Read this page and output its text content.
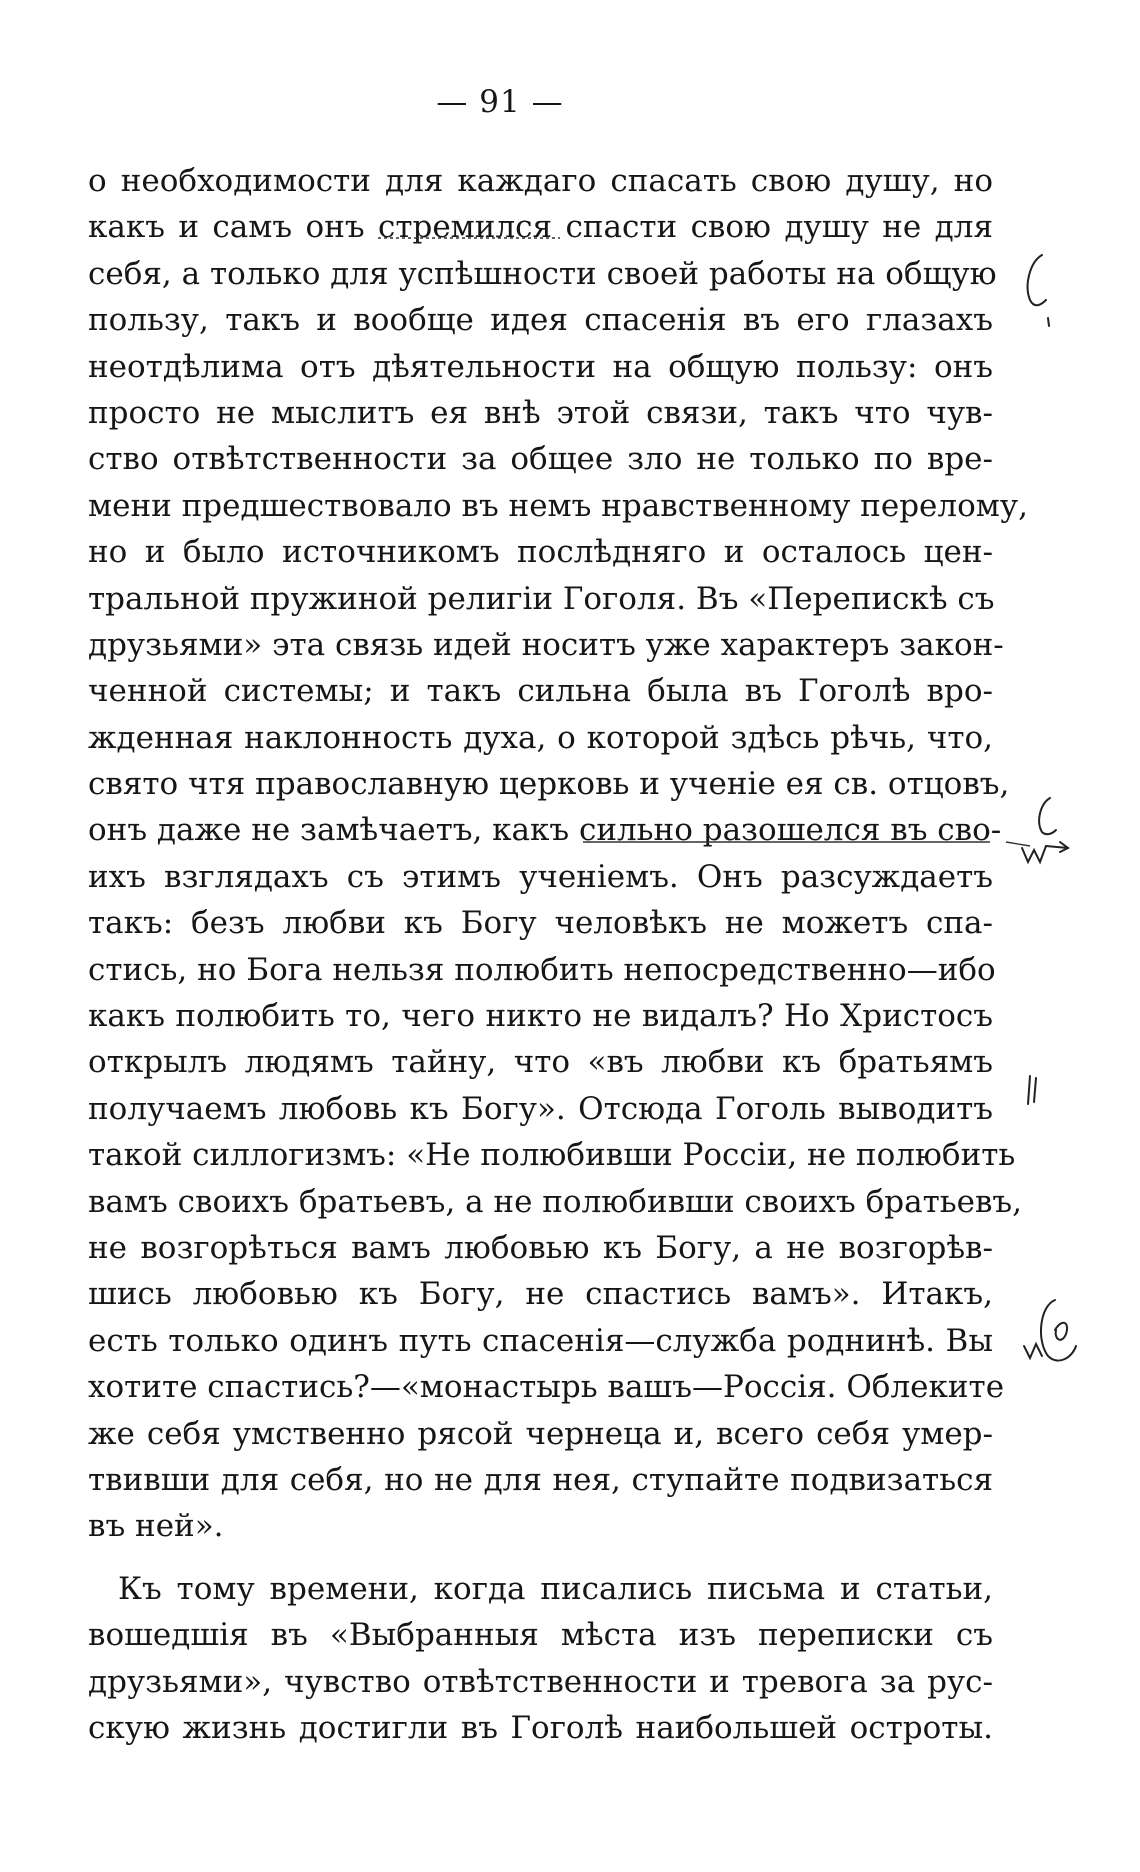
— 91 —
о необходимости для каждаго спасать свою душу, но
какъ и самъ онъ стремился спасти свою душу не для
себя, а только для успѣшности своей работы на общую
пользу, такъ и вообще идея спасенія въ его глазахъ
неотдѣлима отъ дѣятельности на общую пользу: онъ
просто не мыслитъ ея внѣ этой связи, такъ что чув-
ство отвѣтственности за общее зло не только по вре-
мени предшествовало въ немъ нравственному перелому,
но и было источникомъ послѣдняго и осталось цен-
тральной пружиной религіи Гоголя. Въ «Перепискѣ съ
друзьями» эта связь идей носитъ уже характеръ закон-
ченной системы; и такъ сильна была въ Гоголѣ вро-
жденная наклонность духа, о которой здѣсь рѣчь, что,
свято чтя православную церковь и ученіе ея св. отцовъ,
онъ даже не замѣчаетъ, какъ сильно разошелся въ сво-
ихъ взглядахъ съ этимъ ученіемъ. Онъ разсуждаетъ
такъ: безъ любви къ Богу человѣкъ не можетъ спа-
стись, но Бога нельзя полюбить непосредственно—ибо
какъ полюбить то, чего никто не видалъ? Но Христосъ
открылъ людямъ тайну, что «въ любви къ братьямъ
получаемъ любовь къ Богу». Отсюда Гоголь выводитъ
такой силлогизмъ: «Не полюбивши Россіи, не полюбить
вамъ своихъ братьевъ, а не полюбивши своихъ братьевъ,
не возгорѣться вамъ любовью къ Богу, а не возгорѣв-
шись любовью къ Богу, не спастись вамъ». Итакъ,
есть только одинъ путь спасенія—служба роднинѣ. Вы
хотите спастись?—«монастырь вашъ—Россія. Облеките
же себя умственно рясой чернеца и, всего себя умер-
твивши для себя, но не для нея, ступайте подвизаться
въ ней».
Къ тому времени, когда писались письма и статьи,
вошедшія въ «Выбранныя мѣста изъ переписки съ
друзьями», чувство отвѣтственности и тревога за рус-
скую жизнь достигли въ Гоголѣ наибольшей остроты.
